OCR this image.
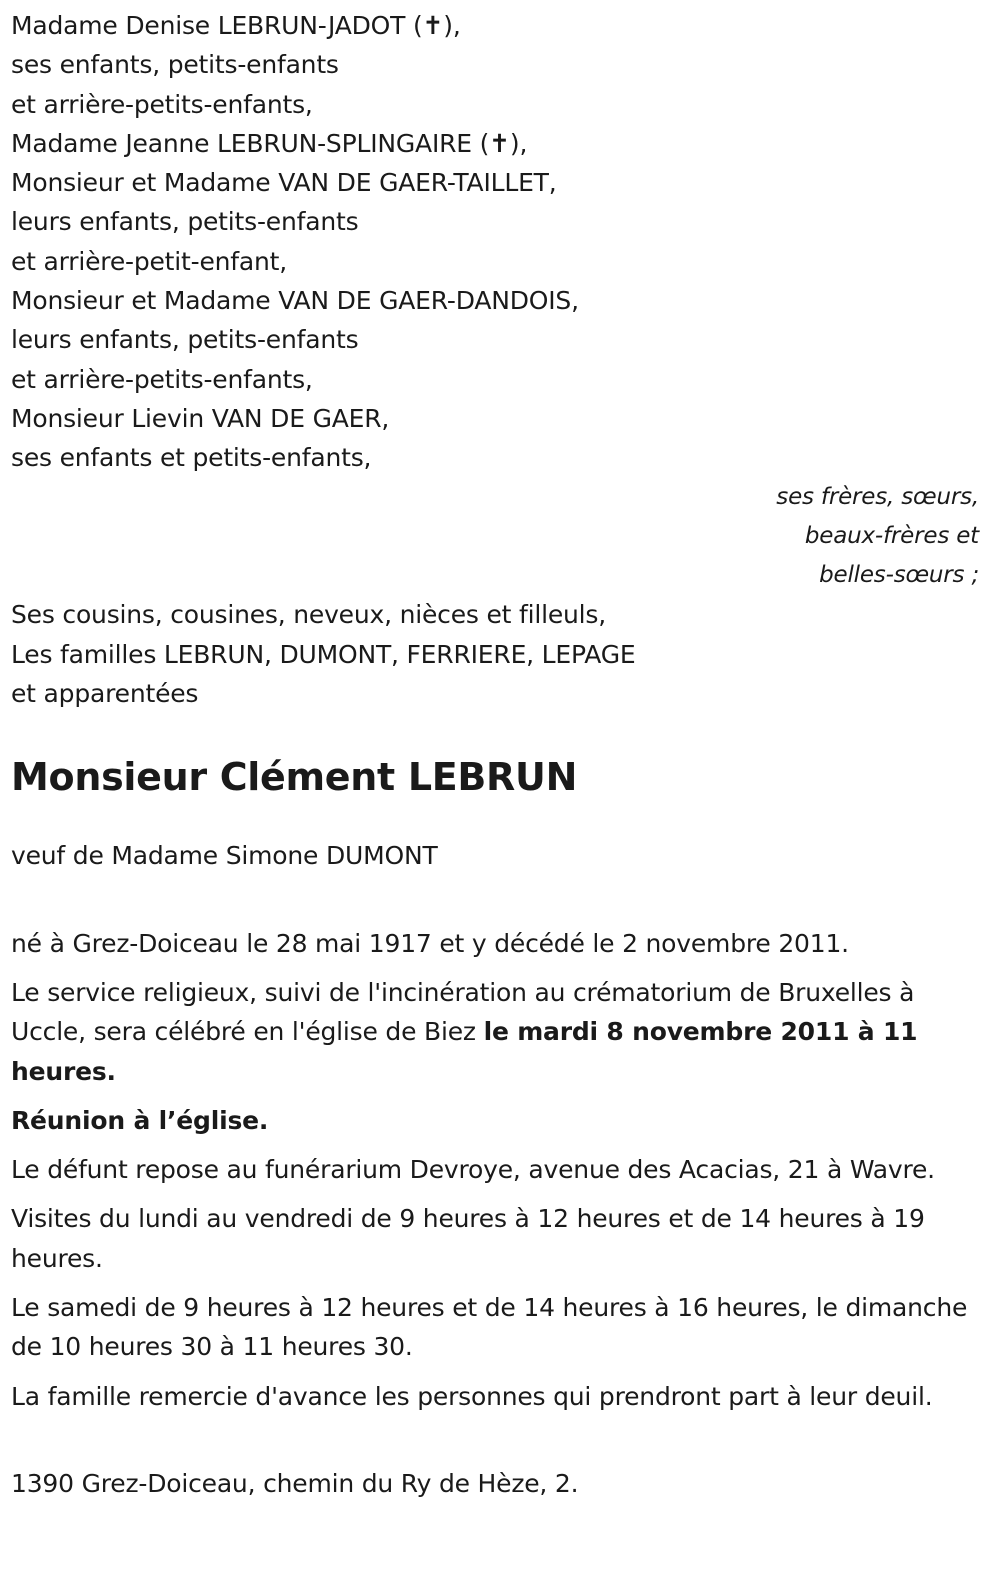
Madame Denise LEBRUN-JADOT (✝),
ses enfants, petits-enfants
et arrière-petits-enfants,
Madame Jeanne LEBRUN-SPLINGAIRE (✝),
Monsieur et Madame VAN DE GAER-TAILLET,
leurs enfants, petits-enfants
et arrière-petit-enfant,
Monsieur et Madame VAN DE GAER-DANDOIS,
leurs enfants, petits-enfants
et arrière-petits-enfants,
Monsieur Lievin VAN DE GAER,
ses enfants et petits-enfants,
ses frères, sœurs,
beaux-frères et
belles-sœurs ;
Ses cousins, cousines, neveux, nièces et filleuls,
Les familles LEBRUN, DUMONT, FERRIERE, LEPAGE
et apparentées
Monsieur Clément LEBRUN
veuf de Madame Simone DUMONT
né à Grez-Doiceau le 28 mai 1917 et y décédé le 2 novembre 2011.
Le service religieux, suivi de l'incinération au crématorium de Bruxelles à Uccle, sera célébré en l'église de Biez le mardi 8 novembre 2011 à 11 heures.
Réunion à l’église.
Le défunt repose au funérarium Devroye, avenue des Acacias, 21 à Wavre.
Visites du lundi au vendredi de 9 heures à 12 heures et de 14 heures à 19 heures.
Le samedi de 9 heures à 12 heures et de 14 heures à 16 heures, le dimanche de 10 heures 30 à 11 heures 30.
La famille remercie d'avance les personnes qui prendront part à leur deuil.
1390 Grez-Doiceau, chemin du Ry de Hèze, 2.
